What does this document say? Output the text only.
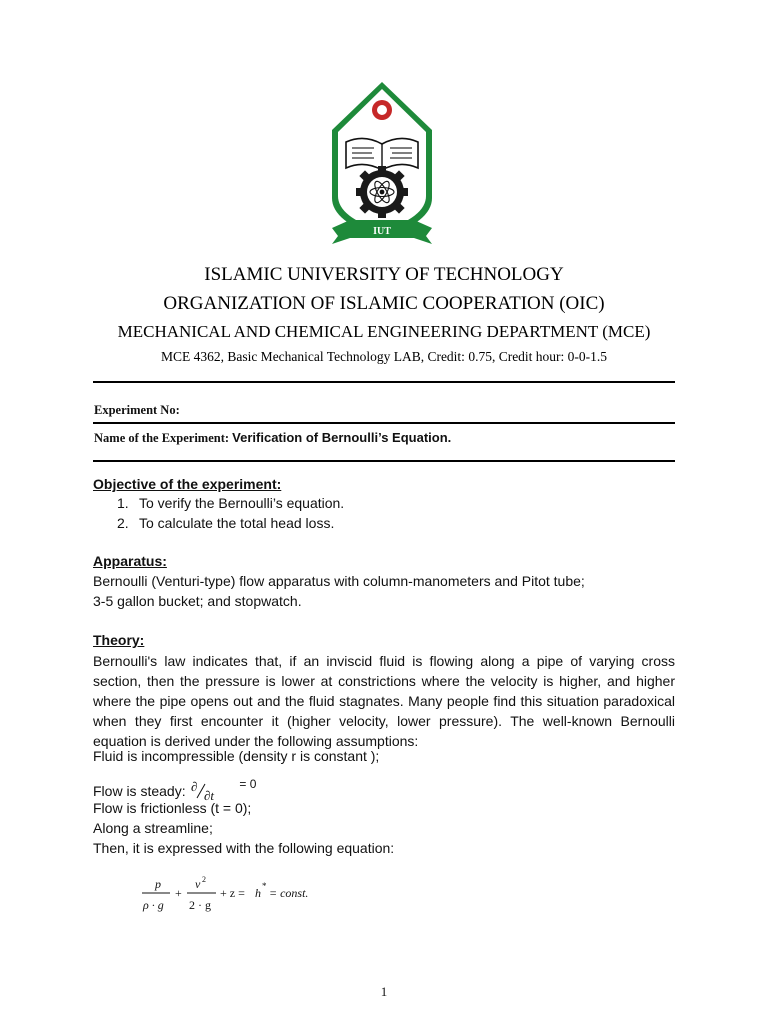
IUT
ISLAMIC UNIVERSITY OF TECHNOLOGY
ORGANIZATION OF ISLAMIC COOPERATION (OIC)
MECHANICAL AND CHEMICAL ENGINEERING DEPARTMENT (MCE)
MCE 4362, Basic Mechanical Technology LAB, Credit: 0.75, Credit hour: 0-0-1.5
Experiment No:
Name of the Experiment: Verification of Bernoulli’s Equation.
Objective of the experiment:
1. To verify the Bernoulli’s equation.
2. To calculate the total head loss.
Apparatus:
Bernoulli (Venturi-type) flow apparatus with column-manometers and Pitot tube;
3-5 gallon bucket; and stopwatch.
Theory:
Bernoulli's law indicates that, if an inviscid fluid is flowing along a pipe of varying cross section, then the pressure is lower at constrictions where the velocity is higher, and higher where the pipe opens out and the fluid stagnates. Many people find this situation paradoxical when they first encounter it (higher velocity, lower pressure). The well-known Bernoulli equation is derived under the following assumptions:
Fluid is incompressible (density r is constant );
Flow is steady: ∂
∂t
= 0
Flow is frictionless (t = 0);
Along a streamline;
Then, it is expressed with the following equation:
p
ρ · g
+
v 2
2 · g
+ z = h * = const.
1
